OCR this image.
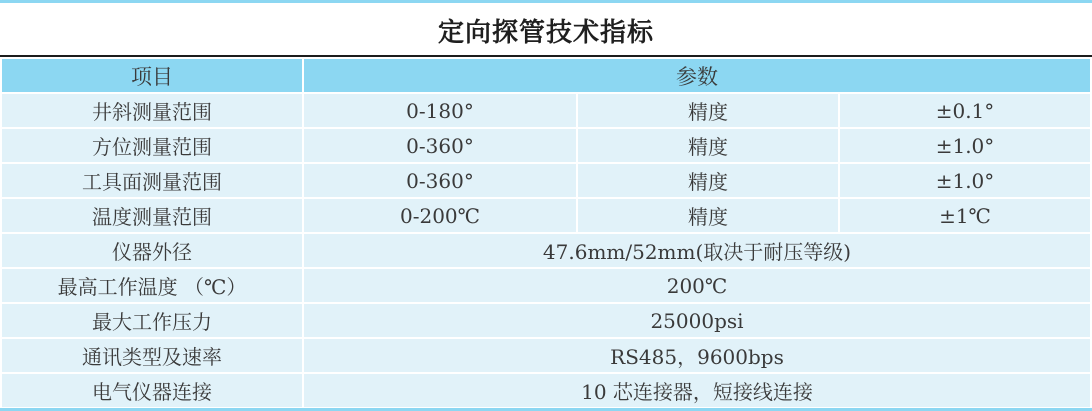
定向探管技术指标
项目	参数		
井斜测量范围	0-180°	精度	±0.1°
方位测量范围	0-360°	精度	±1.0°
工具面测量范围	0-360°	精度	±1.0°
温度测量范围	0-200℃	精度	±1℃
仪器外径	47.6mm/52mm(取决于耐压等级)		
最高工作温度 （℃）	200℃		
最大工作压力	25000psi		
通讯类型及速率	RS485，9600bps		
电气仪器连接	10 芯连接器，短接线连接		
